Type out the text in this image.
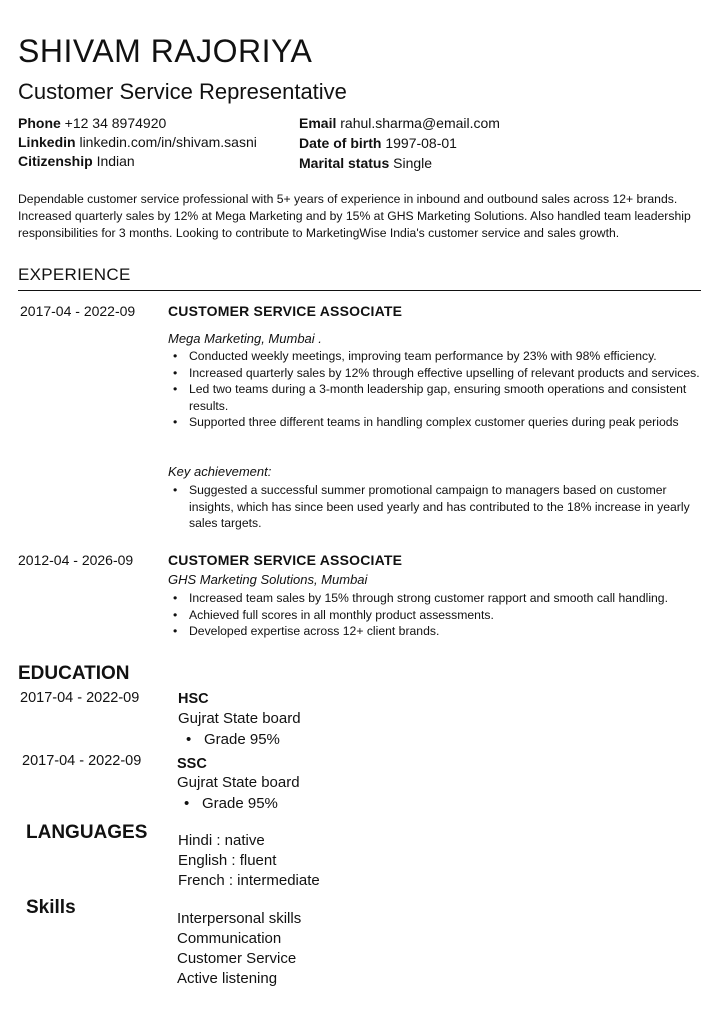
SHIVAM RAJORIYA
Customer Service Representative
Phone +12 34 8974920
Linkedin linkedin.com/in/shivam.sasni
Citizenship Indian
Email rahul.sharma@email.com
Date of birth 1997-08-01
Marital status Single
Dependable customer service professional with 5+ years of experience in inbound and outbound sales across 12+ brands. Increased quarterly sales by 12% at Mega Marketing and by 15% at GHS Marketing Solutions. Also handled team leadership responsibilities for 3 months. Looking to contribute to MarketingWise India's customer service and sales growth.
EXPERIENCE
2017-04 - 2022-09 CUSTOMER SERVICE ASSOCIATE
Mega Marketing, Mumbai .
• Conducted weekly meetings, improving team performance by 23% with 98% efficiency.
• Increased quarterly sales by 12% through effective upselling of relevant products and services.
• Led two teams during a 3-month leadership gap, ensuring smooth operations and consistent results.
• Supported three different teams in handling complex customer queries during peak periods
Key achievement:
• Suggested a successful summer promotional campaign to managers based on customer insights, which has since been used yearly and has contributed to the 18% increase in yearly sales targets.
2012-04 - 2026-09 CUSTOMER SERVICE ASSOCIATE
GHS Marketing Solutions, Mumbai
• Increased team sales by 15% through strong customer rapport and smooth call handling.
• Achieved full scores in all monthly product assessments.
• Developed expertise across 12+ client brands.
EDUCATION
2017-04 - 2022-09	HSC
Gujrat State board
• Grade 95%
2017-04 - 2022-09 SSC
Gujrat State board
• Grade 95%
LANGUAGES Hindi : native
English : fluent
French : intermediate
Skills
Interpersonal skills
Communication
Customer Service
Active listening
